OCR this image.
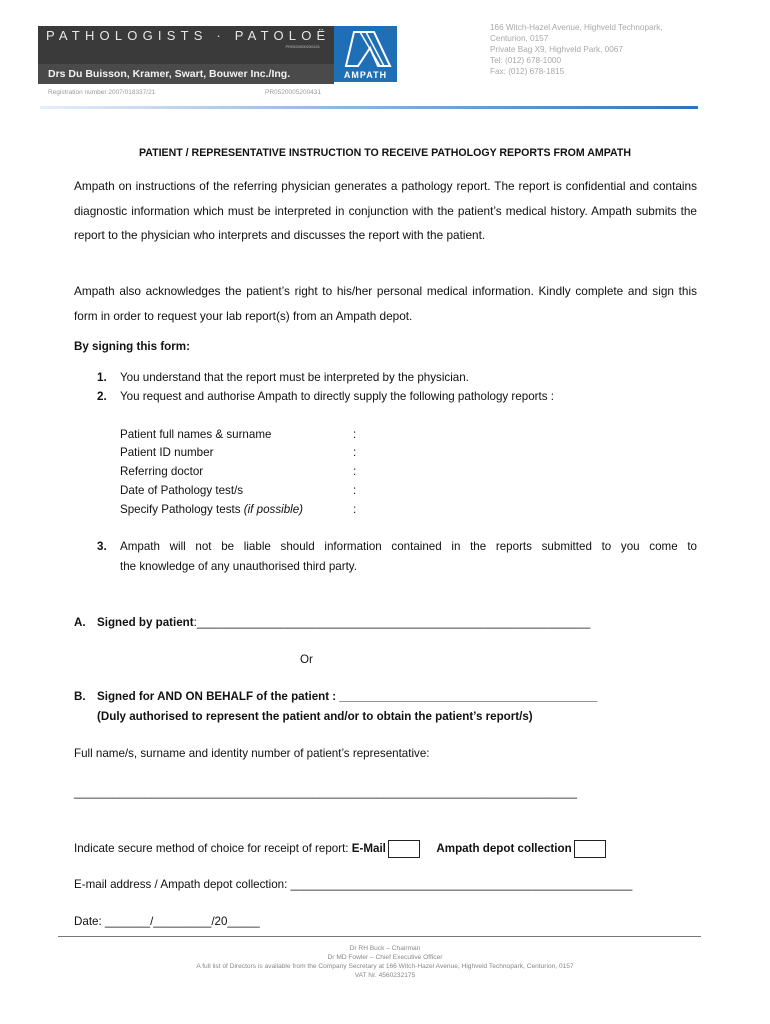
PATHOLOGISTS · PATOLOË
PR0520000200431
Drs Du Buisson, Kramer, Swart, Bouwer Inc./Ing.	AMPATH
166 Witch-Hazel Avenue, Highveld Technopark,
Centurion, 0157
Private Bag X9, Highveld Park, 0067
Tel: (012) 678-1000
Fax: (012) 678-1815
Registration number 2007/018337/21	PR0520005200431
PATIENT / REPRESENTATIVE INSTRUCTION TO RECEIVE PATHOLOGY REPORTS FROM AMPATH

Ampath on instructions of the referring physician generates a pathology report. The report is confidential and contains diagnostic information which must be interpreted in conjunction with the patient’s medical history. Ampath submits the report to the physician who interprets and discusses the report with the patient.

Ampath also acknowledges the patient’s right to his/her personal medical information. Kindly complete and sign this form in order to request your lab report(s) from an Ampath depot.

By signing this form:
1. You understand that the report must be interpreted by the physician.
2. You request and authorise Ampath to directly supply the following pathology reports :
Patient full names & surname	:
Patient ID number	:
Referring doctor	:
Date of Pathology test/s	:
Specify Pathology tests (if possible)	:
3. Ampath will not be liable should information contained in the reports submitted to you come to
the knowledge of any unauthorised third party.
A. Signed by patient:_____________________________________________________________
Or
B. Signed for AND ON BEHALF of the patient : ________________________________________
(Duly authorised to represent the patient and/or to obtain the patient’s report/s)
Full name/s, surname and identity number of patient’s representative:
______________________________________________________________________________
Indicate secure method of choice for receipt of report: E-Mail	Ampath depot collection
E-mail address / Ampath depot collection: _____________________________________________________
Date: _______/_________/20_____
Dr RH Buck – Chairman
Dr MD Fowler – Chief Executive Officer
A full list of Directors is available from the Company Secretary at 166 Witch-Hazel Avenue, Highveld Technopark, Centurion, 0157
VAT Nr. 4560232175
